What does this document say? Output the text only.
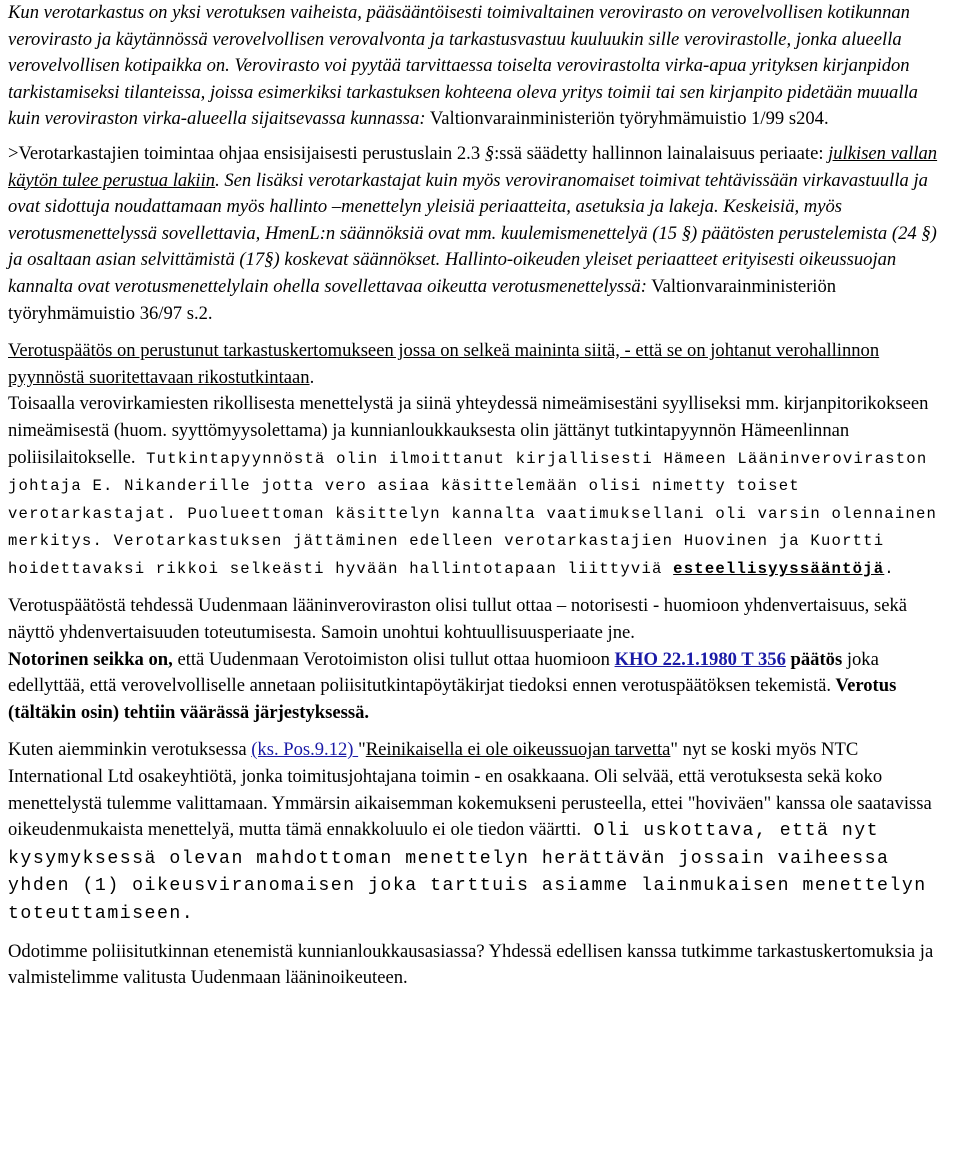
Kun verotarkastus on yksi verotuksen vaiheista, pääsääntöisesti toimivaltainen verovirasto on verovelvollisen kotikunnan verovirasto ja käytännössä verovelvollisen verovalvonta ja tarkastusvastuu kuuluukin sille verovirastolle, jonka alueella verovelvollisen kotipaikka on. Verovirasto voi pyytää tarvittaessa toiselta verovirastolta virka-apua yrityksen kirjanpidon tarkistamiseksi tilanteissa, joissa esimerkiksi tarkastuksen kohteena oleva yritys toimii tai sen kirjanpito pidetään muualla kuin veroviraston virka-alueella sijaitsevassa kunnassa: Valtionvarainministeriön työryhmämuistio 1/99 s204.

>Verotarkastajien toimintaa ohjaa ensisijaisesti perustuslain 2.3 §:ssä säädetty hallinnon lainalaisuus periaate: julkisen vallan käytön tulee perustua lakiin. Sen lisäksi verotarkastajat kuin myös veroviranomaiset toimivat tehtävissään virkavastuulla ja ovat sidottuja noudattamaan myös hallinto –menettelyn yleisiä periaatteita, asetuksia ja lakeja. Keskeisiä, myös verotusmenettelyssä sovellettavia, HmenL:n säännöksiä ovat mm. kuulemismenettelyä (15 §) päätösten perustelemista (24 §) ja osaltaan asian selvittämistä (17§) koskevat säännökset. Hallinto-oikeuden yleiset periaatteet erityisesti oikeussuojan kannalta ovat verotusmenettelylain ohella sovellettavaa oikeutta verotusmenettelyssä: Valtionvarainministeriön työryhmämuistio 36/97 s.2.

Verotuspäätös on perustunut tarkastuskertomukseen jossa on selkeä maininta siitä, - että se on johtanut verohallinnon pyynnöstä suoritettavaan rikostutkintaan.
Toisaalla verovirkamiesten rikollisesta menettelystä ja siinä yhteydessä nimeämisestäni syylliseksi mm. kirjanpitorikokseen nimeämisestä (huom. syyttömyysolettama) ja kunnianloukkauksesta olin jättänyt tutkintapyynnön Hämeenlinnan poliisilaitokselle. Tutkintapyynnöstä olin ilmoittanut kirjallisesti Hämeen Lääninveroviraston johtaja E. Nikanderille jotta vero asiaa käsittelemään olisi nimetty toiset verotarkastajat. Puolueettoman käsittelyn kannalta vaatimuksellani oli varsin olennainen merkitys. Verotarkastuksen jättäminen edelleen verotarkastajien Huovinen ja Kuortti hoidettavaksi rikkoi selkeästi hyvään hallintotapaan liittyviä esteellisyyssääntöjä.

Verotuspäätöstä tehdessä Uudenmaan lääninveroviraston olisi tullut ottaa – notorisesti - huomioon yhdenvertaisuus, sekä näyttö yhdenvertaisuuden toteutumisesta. Samoin unohtui kohtuullisuusperiaate jne.
Notorinen seikka on, että Uudenmaan Verotoimiston olisi tullut ottaa huomioon KHO 22.1.1980 T 356 päätös joka edellyttää, että verovelvolliselle annetaan poliisitutkintapöytäkirjat tiedoksi ennen verotuspäätöksen tekemistä. Verotus (tältäkin osin) tehtiin väärässä järjestyksessä.

Kuten aiemminkin verotuksessa (ks. Pos.9.12) "Reinikaisella ei ole oikeussuojan tarvetta" nyt se koski myös NTC International Ltd osakeyhtiötä, jonka toimitusjohtajana toimin - en osakkaana. Oli selvää, että verotuksesta sekä koko menettelystä tulemme valittamaan. Ymmärsin aikaisemman kokemukseni perusteella, ettei "hoviväen" kanssa ole saatavissa oikeudenmukaista menettelyä, mutta tämä ennakkoluulo ei ole tiedon väärtti. Oli uskottava, että nyt kysymyksessä olevan mahdottoman menettelyn herättävän jossain vaiheessa yhden (1) oikeusviranomaisen joka tarttuis asiamme lainmukaisen menettelyn toteuttamiseen.

Odotimme poliisitutkinnan etenemistä kunnianloukkausasiassa? Yhdessä edellisen kanssa tutkimme tarkastuskertomuksia ja valmistelimme valitusta Uudenmaan lääninoikeuteen.
